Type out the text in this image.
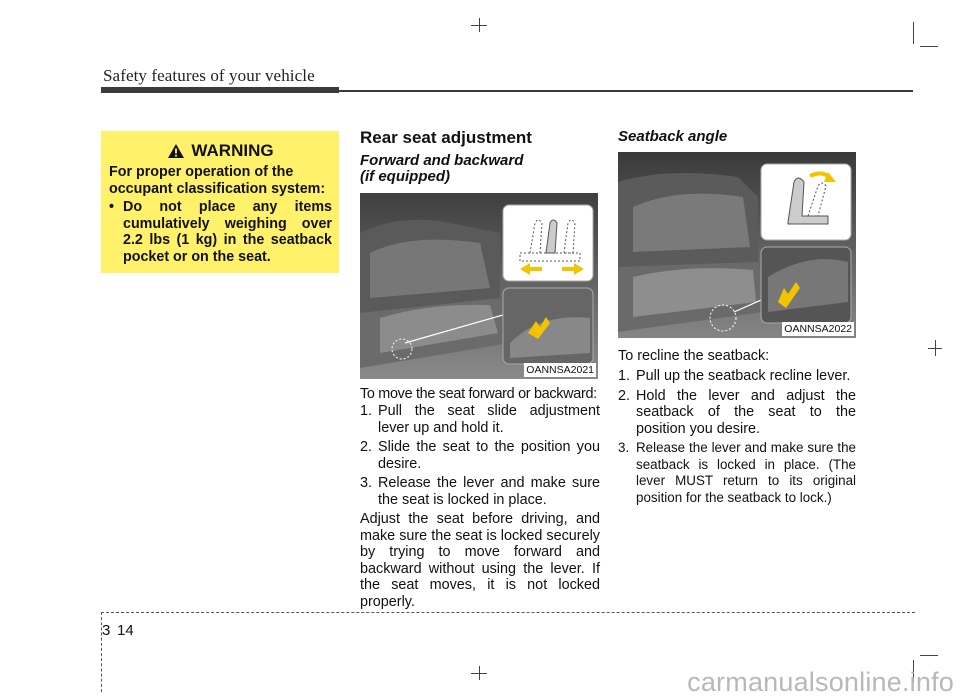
Safety features of your vehicle
WARNING
For proper operation of the occupant classification system:
• Do not place any items cumulatively weighing over 2.2 lbs (1 kg) in the seatback pocket or on the seat.
Rear seat adjustment
Forward and backward
(if equipped)
OANNSA2021
To move the seat forward or backward:
1. Pull the seat slide adjustment lever up and hold it.
2. Slide the seat to the position you desire.
3. Release the lever and make sure the seat is locked in place.
Adjust the seat before driving, and make sure the seat is locked securely by trying to move forward and backward without using the lever. If the seat moves, it is not locked properly.
Seatback angle
OANNSA2022
To recline the seatback:
1. Pull up the seatback recline lever.
2. Hold the lever and adjust the seatback of the seat to the position you desire.
3. Release the lever and make sure the seatback is locked in place. (The lever MUST return to its original position for the seatback to lock.)
3 14
carmanualsonline.info
